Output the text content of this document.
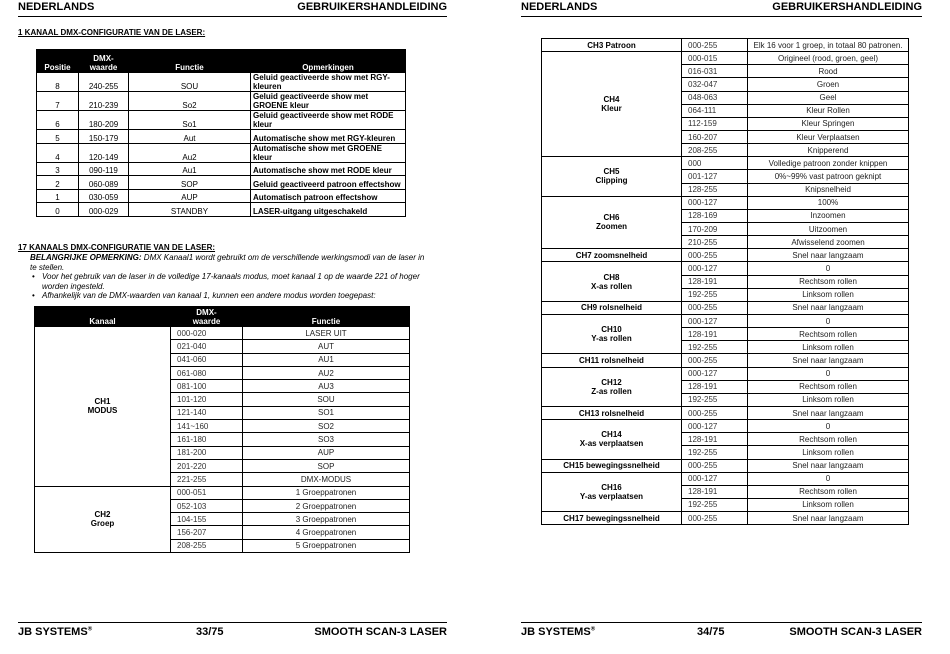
NEDERLANDS	GEBRUIKERSHANDLEIDING
1 KANAAL DMX-CONFIGURATIE VAN DE LASER:
Positie	DMX-
waarde	Functie	Opmerkingen
8	240-255	SOU	Geluid geactiveerde show met RGY-kleuren
7	210-239	So2	Geluid geactiveerde show met GROENE kleur
6	180-209	So1	Geluid geactiveerde show met RODE kleur
5	150-179	Aut	Automatische show met RGY-kleuren
4	120-149	Au2	Automatische show met GROENE kleur
3	090-119	Au1	Automatische show met RODE kleur
2	060-089	SOP	Geluid geactiveerd patroon effectshow
1	030-059	AUP	Automatisch patroon effectshow
0	000-029	STANDBY	LASER-uitgang uitgeschakeld
17 KANAALS DMX-CONFIGURATIE VAN DE LASER:

BELANGRIJKE OPMERKING: DMX Kanaal1 wordt gebruikt om de verschillende werkingsmodi van de laser in te stellen.

• Voor het gebruik van de laser in de volledige 17-kanaals modus, moet kanaal 1 op de waarde 221 of hoger worden ingesteld.
• Afhankelijk van de DMX-waarden van kanaal 1, kunnen een andere modus worden toegepast:
Kanaal	DMX-
waarde	Functie

CH1
MODUS	000-020	LASER UIT
	021-040	AUT
	041-060	AU1
	061-080	AU2
	081-100	AU3
	101-120	SOU
	121-140	SO1
	141~160	SO2
	161-180	SO3
	181-200	AUP
	201-220	SOP
	221-255	DMX-MODUS

CH2
Groep	000-051	1 Groeppatronen
	052-103	2 Groeppatronen
	104-155	3 Groeppatronen
	156-207	4 Groeppatronen
	208-255	5 Groeppatronen
JB SYSTEMS®	33/75	SMOOTH SCAN-3 LASER
NEDERLANDS	GEBRUIKERSHANDLEIDING
CH3 Patroon	000-255	Elk 16 voor 1 groep, in totaal 80 patronen.

CH4
Kleur	000-015	Origineel (rood, groen, geel)
	016-031	Rood
	032-047	Groen
	048-063	Geel
	064-111	Kleur Rollen
	112-159	Kleur Springen
	160-207	Kleur Verplaatsen
	208-255	Knipperend

CH5
Clipping	000	Volledige patroon zonder knippen
	001-127	0%~99% vast patroon geknipt
	128-255	Knipsnelheid

CH6
Zoomen	000-127	100%
	128-169	Inzoomen
	170-209	Uitzoomen
	210-255	Afwisselend zoomen

CH7 zoomsnelheid	000-255	Snel naar langzaam

CH8
X-as rollen	000-127	0
	128-191	Rechtsom rollen
	192-255	Linksom rollen

CH9 rolsnelheid	000-255	Snel naar langzaam

CH10
Y-as rollen	000-127	0
	128-191	Rechtsom rollen
	192-255	Linksom rollen

CH11 rolsnelheid	000-255	Snel naar langzaam

CH12
Z-as rollen	000-127	0
	128-191	Rechtsom rollen
	192-255	Linksom rollen

CH13 rolsnelheid	000-255	Snel naar langzaam

CH14
X-as verplaatsen	000-127	0
	128-191	Rechtsom rollen
	192-255	Linksom rollen

CH15 bewegingssnelheid	000-255	Snel naar langzaam

CH16
Y-as verplaatsen	000-127	0
	128-191	Rechtsom rollen
	192-255	Linksom rollen

CH17 bewegingssnelheid	000-255	Snel naar langzaam
JB SYSTEMS®	34/75	SMOOTH SCAN-3 LASER
